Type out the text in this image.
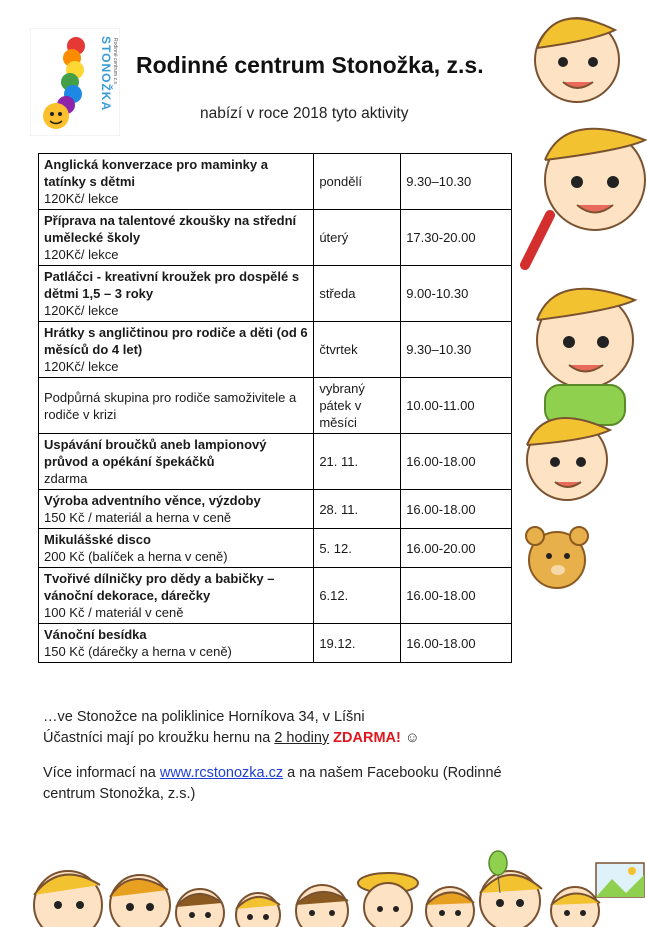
STONOŽKA Rodinné centrum z.s. Rodinné centrum Stonožka, z.s.
nabízí v roce 2018 tyto aktivity
Anglická konverzace pro maminky a tatínky s dětmi
120Kč/ lekce	pondělí	9.30–10.30

Příprava na talentové zkoušky na střední umělecké školy
120Kč/ lekce	úterý	17.30-20.00

Patláčci - kreativní kroužek pro dospělé s dětmi 1,5 – 3 roky
120Kč/ lekce	středa	9.00-10.30

Hrátky s angličtinou pro rodiče a děti (od 6 měsíců do 4 let)
120Kč/ lekce	čtvrtek	9.30–10.30

Podpůrná skupina pro rodiče samoživitele a rodiče v krizi	vybraný pátek v měsíci	10.00-11.00

Uspávání broučků aneb lampionový průvod a opékání špekáčků
zdarma	21. 11.	16.00-18.00

Výroba adventního věnce, výzdoby
150 Kč / materiál a herna v ceně	28. 11.	16.00-18.00

Mikulášské disco
200 Kč (balíček a herna v ceně)	5. 12.	16.00-20.00

Tvořivé dílničky pro dědy a babičky – vánoční dekorace, dárečky
100 Kč / materiál v ceně	6.12.	16.00-18.00

Vánoční besídka
150 Kč (dárečky a herna v ceně)	19.12.	16.00-18.00

…ve Stonožce na poliklinice Horníkova 34, v Líšni

Účastníci mají po kroužku hernu na 2 hodiny ZDARMA! ☺

Více informací na www.rcstonozka.cz a na našem Facebooku (Rodinné centrum Stonožka, z.s.)
